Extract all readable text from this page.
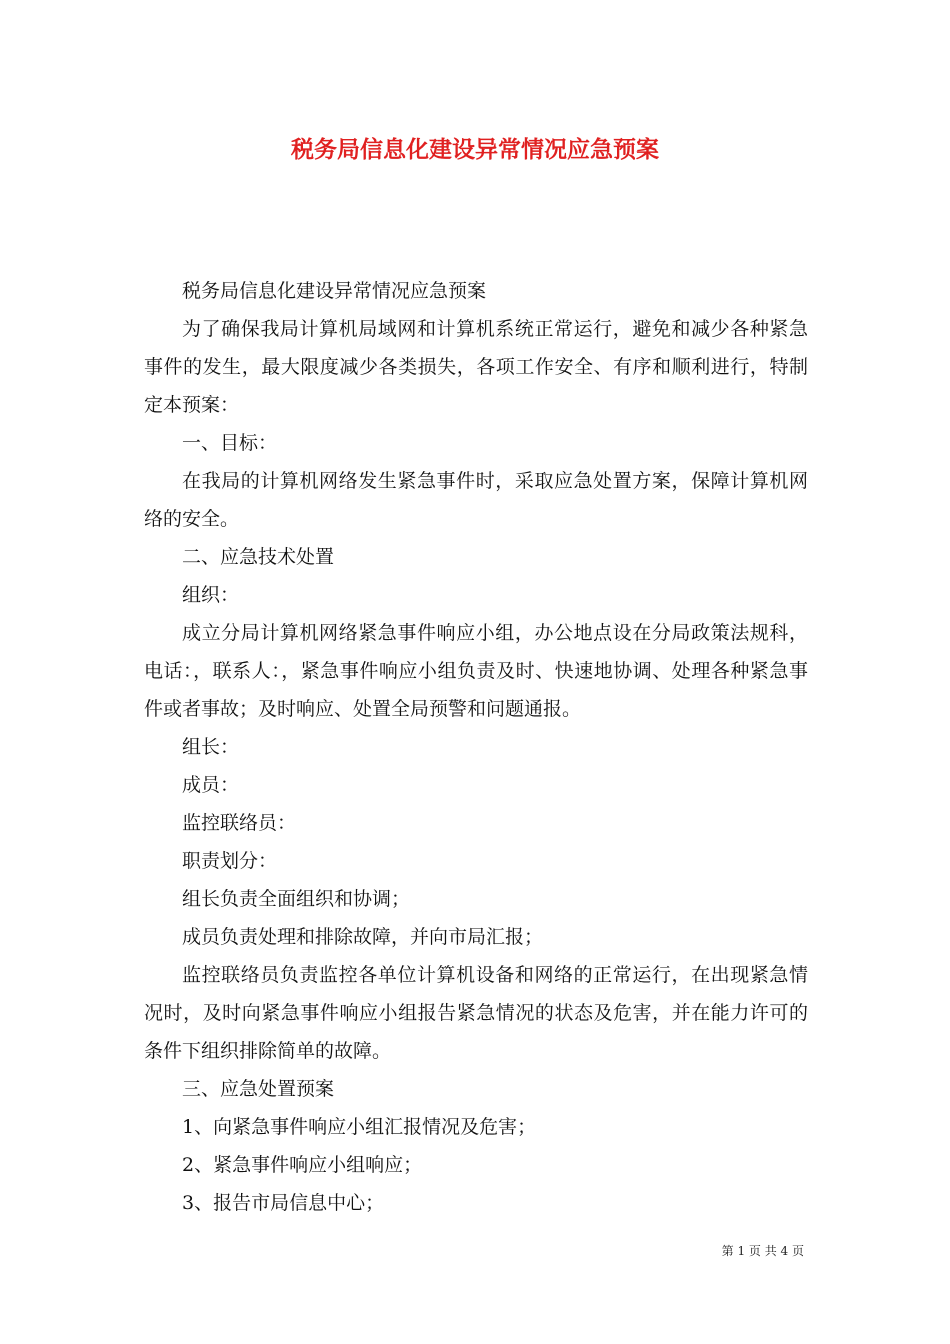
税务局信息化建设异常情况应急预案

税务局信息化建设异常情况应急预案

为了确保我局计算机局域网和计算机系统正常运行，避免和减少各种紧急事件的发生，最大限度减少各类损失，各项工作安全、有序和顺利进行，特制定本预案：

一、目标：

在我局的计算机网络发生紧急事件时，采取应急处置方案，保障计算机网络的安全。

二、应急技术处置

组织：

成立分局计算机网络紧急事件响应小组，办公地点设在分局政策法规科，电话：，联系人：，紧急事件响应小组负责及时、快速地协调、处理各种紧急事件或者事故；及时响应、处置全局预警和问题通报。

组长：

成员：

监控联络员：

职责划分：

组长负责全面组织和协调；

成员负责处理和排除故障，并向市局汇报；

监控联络员负责监控各单位计算机设备和网络的正常运行，在出现紧急情况时，及时向紧急事件响应小组报告紧急情况的状态及危害，并在能力许可的条件下组织排除简单的故障。

三、应急处置预案

1、向紧急事件响应小组汇报情况及危害；

2、紧急事件响应小组响应；

3、报告市局信息中心；

第 1 页 共 4 页
